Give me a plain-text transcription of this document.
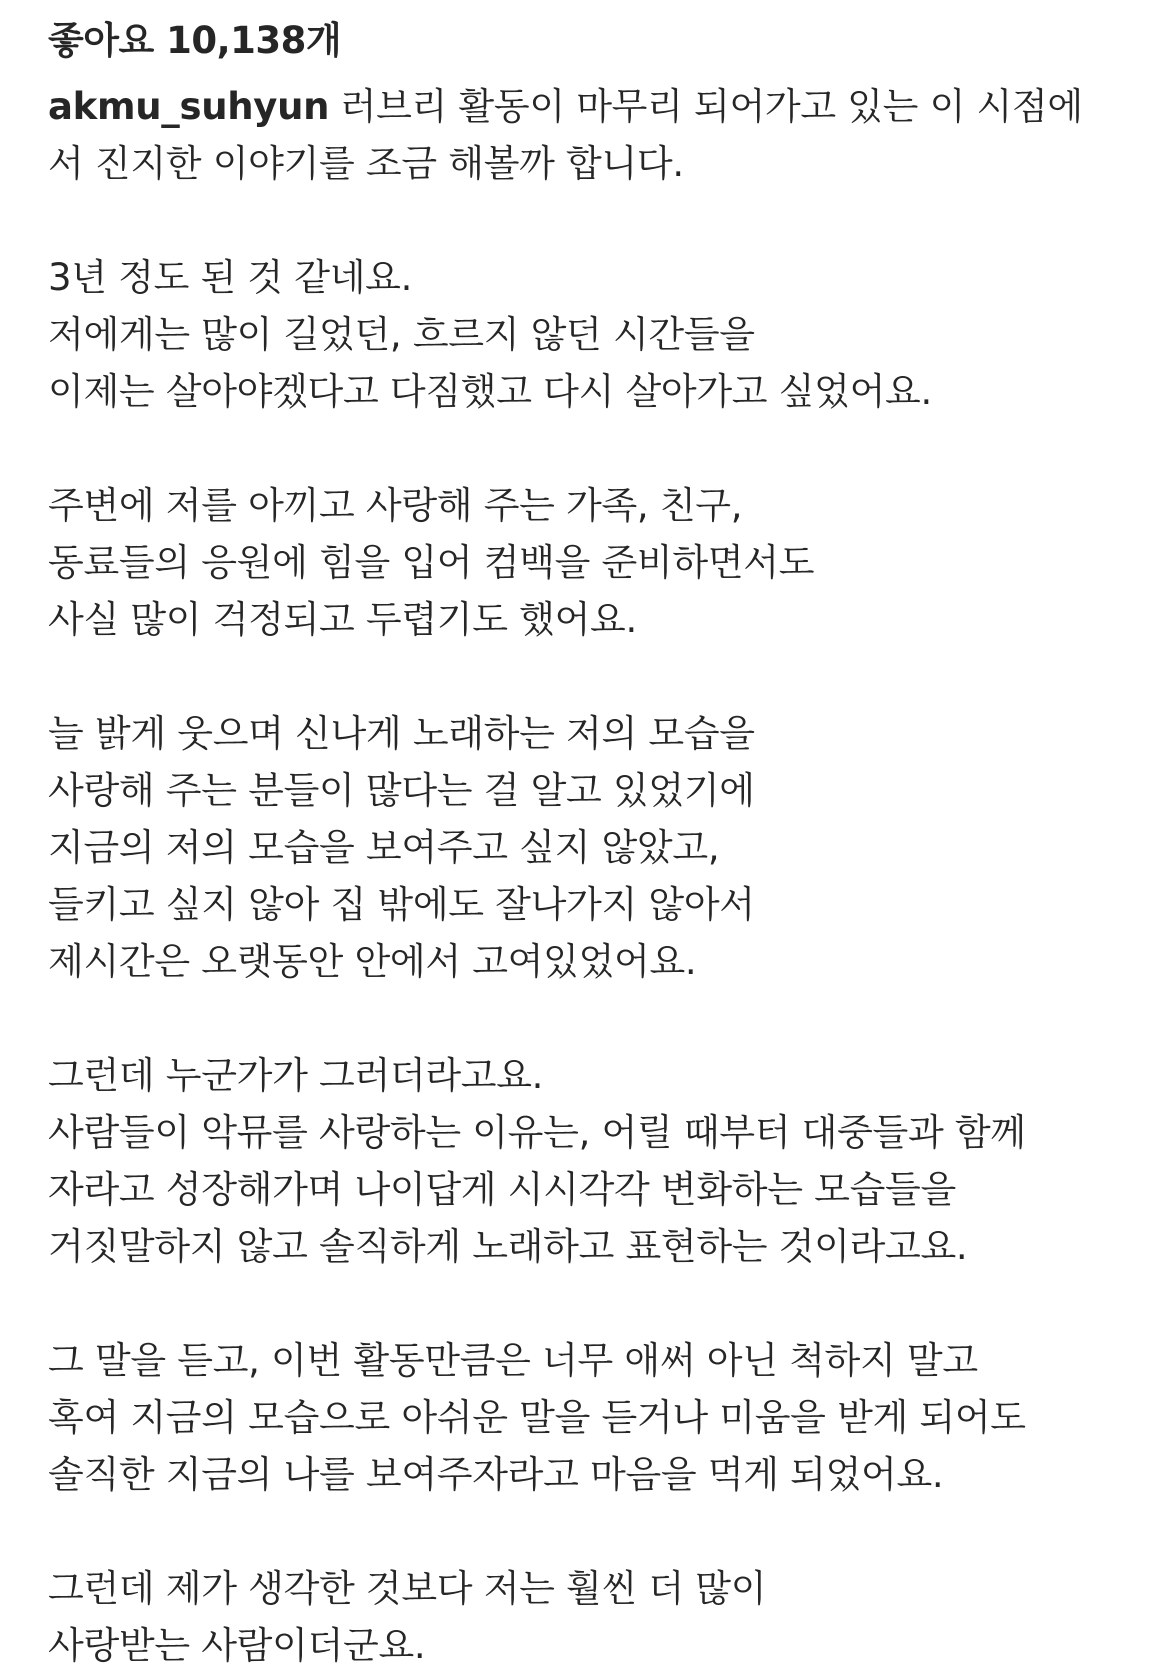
좋아요 10,138개
akmu_suhyun 러브리 활동이 마무리 되어가고 있는 이 시점에
서 진지한 이야기를 조금 해볼까 합니다.
3년 정도 된 것 같네요.
저에게는 많이 길었던, 흐르지 않던 시간들을
이제는 살아야겠다고 다짐했고 다시 살아가고 싶었어요.
주변에 저를 아끼고 사랑해 주는 가족, 친구,
동료들의 응원에 힘을 입어 컴백을 준비하면서도
사실 많이 걱정되고 두렵기도 했어요.
늘 밝게 웃으며 신나게 노래하는 저의 모습을
사랑해 주는 분들이 많다는 걸 알고 있었기에
지금의 저의 모습을 보여주고 싶지 않았고,
들키고 싶지 않아 집 밖에도 잘나가지 않아서
제시간은 오랫동안 안에서 고여있었어요.
그런데 누군가가 그러더라고요.
사람들이 악뮤를 사랑하는 이유는, 어릴 때부터 대중들과 함께
자라고 성장해가며 나이답게 시시각각 변화하는 모습들을
거짓말하지 않고 솔직하게 노래하고 표현하는 것이라고요.
그 말을 듣고, 이번 활동만큼은 너무 애써 아닌 척하지 말고
혹여 지금의 모습으로 아쉬운 말을 듣거나 미움을 받게 되어도
솔직한 지금의 나를 보여주자라고 마음을 먹게 되었어요.
그런데 제가 생각한 것보다 저는 훨씬 더 많이
사랑받는 사람이더군요.
